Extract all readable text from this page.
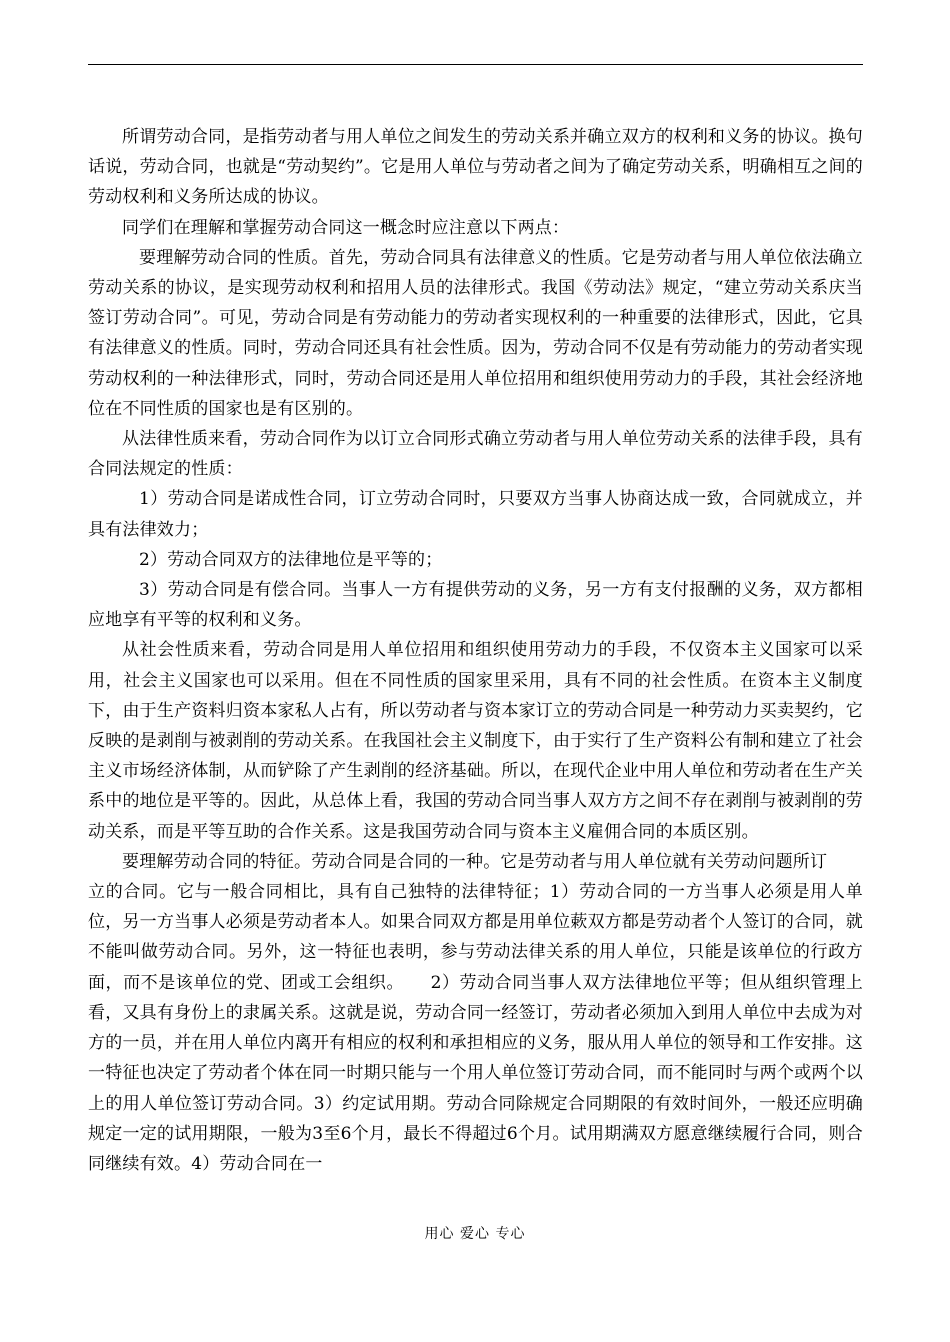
所谓劳动合同，是指劳动者与用人单位之间发生的劳动关系并确立双方的权利和义务的协议。换句话说，劳动合同，也就是“劳动契约”。它是用人单位与劳动者之间为了确定劳动关系，明确相互之间的劳动权利和义务所达成的协议。

同学们在理解和掌握劳动合同这一概念时应注意以下两点：

要理解劳动合同的性质。首先，劳动合同具有法律意义的性质。它是劳动者与用人单位依法确立劳动关系的协议，是实现劳动权利和招用人员的法律形式。我国《劳动法》规定，“建立劳动关系庆当签订劳动合同”。可见，劳动合同是有劳动能力的劳动者实现权利的一种重要的法律形式，因此，它具有法律意义的性质。同时，劳动合同还具有社会性质。因为，劳动合同不仅是有劳动能力的劳动者实现劳动权利的一种法律形式，同时，劳动合同还是用人单位招用和组织使用劳动力的手段，其社会经济地位在不同性质的国家也是有区别的。

从法律性质来看，劳动合同作为以订立合同形式确立劳动者与用人单位劳动关系的法律手段，具有合同法规定的性质：

1）劳动合同是诺成性合同，订立劳动合同时，只要双方当事人协商达成一致，合同就成立，并具有法律效力；

2）劳动合同双方的法律地位是平等的；

3）劳动合同是有偿合同。当事人一方有提供劳动的义务，另一方有支付报酬的义务，双方都相应地享有平等的权利和义务。

从社会性质来看，劳动合同是用人单位招用和组织使用劳动力的手段，不仅资本主义国家可以采用，社会主义国家也可以采用。但在不同性质的国家里采用，具有不同的社会性质。在资本主义制度下，由于生产资料归资本家私人占有，所以劳动者与资本家订立的劳动合同是一种劳动力买卖契约，它反映的是剥削与被剥削的劳动关系。在我国社会主义制度下，由于实行了生产资料公有制和建立了社会主义市场经济体制，从而铲除了产生剥削的经济基础。所以，在现代企业中用人单位和劳动者在生产关系中的地位是平等的。因此，从总体上看，我国的劳动合同当事人双方方之间不存在剥削与被剥削的劳动关系，而是平等互助的合作关系。这是我国劳动合同与资本主义雇佣合同的本质区别。

要理解劳动合同的特征。劳动合同是合同的一种。它是劳动者与用人单位就有关劳动问题所订

立的合同。它与一般合同相比，具有自己独特的法律特征；1）劳动合同的一方当事人必须是用人单位，另一方当事人必须是劳动者本人。如果合同双方都是用单位蔌双方都是劳动者个人签订的合同，就不能叫做劳动合同。另外，这一特征也表明，参与劳动法律关系的用人单位，只能是该单位的行政方面，而不是该单位的党、团或工会组织。　　2）劳动合同当事人双方法律地位平等；但从组织管理上看，又具有身份上的隶属关系。这就是说，劳动合同一经签订，劳动者必须加入到用人单位中去成为对方的一员，并在用人单位内离开有相应的权利和承担相应的义务，服从用人单位的领导和工作安排。这一特征也决定了劳动者个体在同一时期只能与一个用人单位签订劳动合同，而不能同时与两个或两个以上的用人单位签订劳动合同。3）约定试用期。劳动合同除规定合同期限的有效时间外，一般还应明确规定一定的试用期限，一般为3至6个月，最长不得超过6个月。试用期满双方愿意继续履行合同，则合同继续有效。4）劳动合同在一

用心 爱心 专心
